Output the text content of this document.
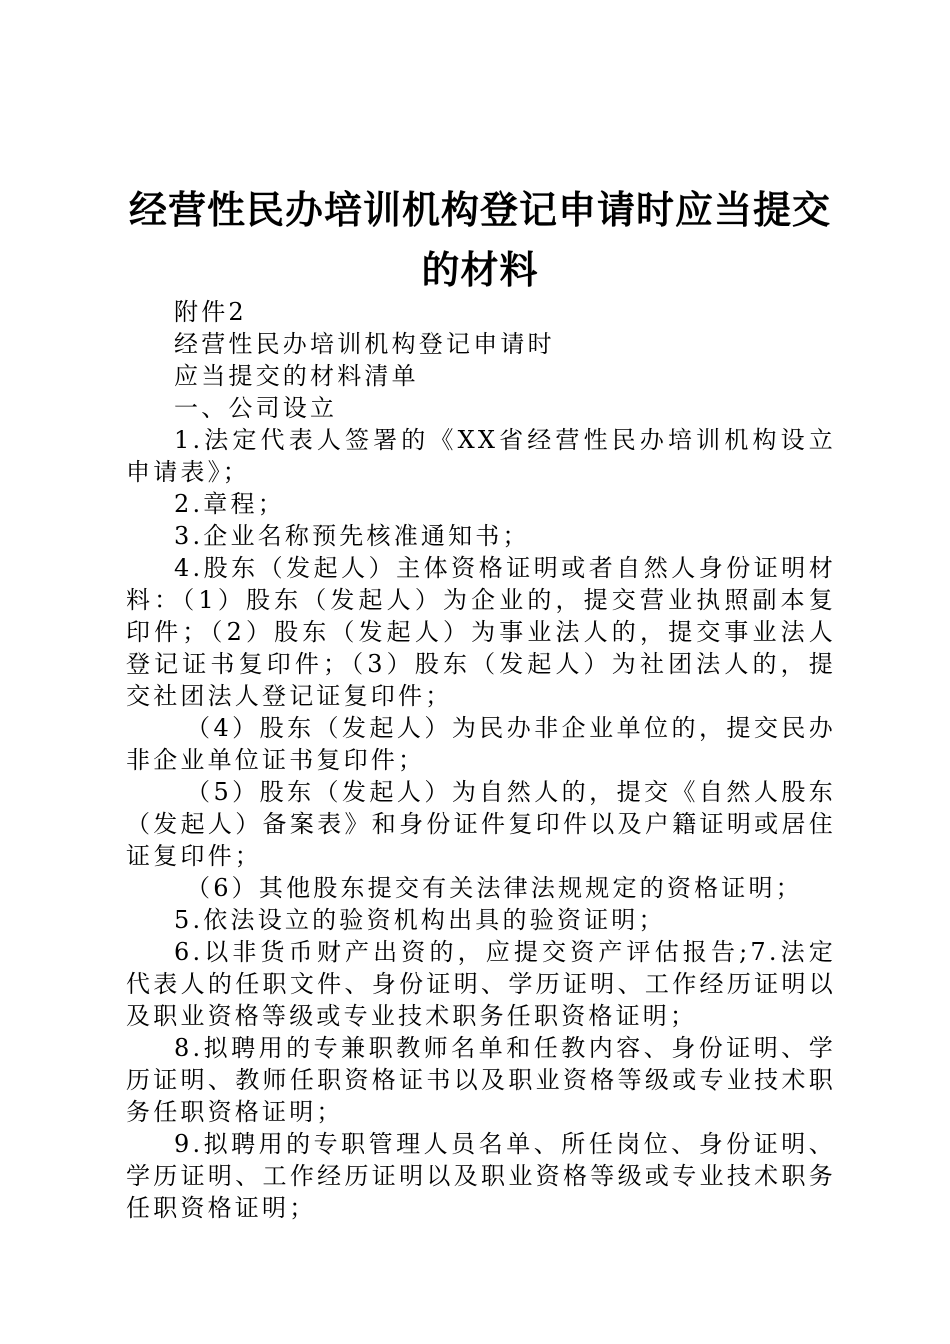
经营性民办培训机构登记申请时应当提交的材料

附件2

经营性民办培训机构登记申请时

应当提交的材料清单

一、公司设立

1.法定代表人签署的《XX省经营性民办培训机构设立申请表》；

2.章程；

3.企业名称预先核准通知书；

4.股东（发起人）主体资格证明或者自然人身份证明材料：（1）股东（发起人）为企业的，提交营业执照副本复印件；（2）股东（发起人）为事业法人的，提交事业法人登记证书复印件；（3）股东（发起人）为社团法人的，提交社团法人登记证复印件；

（4）股东（发起人）为民办非企业单位的，提交民办非企业单位证书复印件；

（5）股东（发起人）为自然人的，提交《自然人股东（发起人）备案表》和身份证件复印件以及户籍证明或居住证复印件；

（6）其他股东提交有关法律法规规定的资格证明；

5.依法设立的验资机构出具的验资证明；

6.以非货币财产出资的，应提交资产评估报告;7.法定代表人的任职文件、身份证明、学历证明、工作经历证明以及职业资格等级或专业技术职务任职资格证明；

8.拟聘用的专兼职教师名单和任教内容、身份证明、学历证明、教师任职资格证书以及职业资格等级或专业技术职务任职资格证明；

9.拟聘用的专职管理人员名单、所任岗位、身份证明、学历证明、工作经历证明以及职业资格等级或专业技术职务任职资格证明；
